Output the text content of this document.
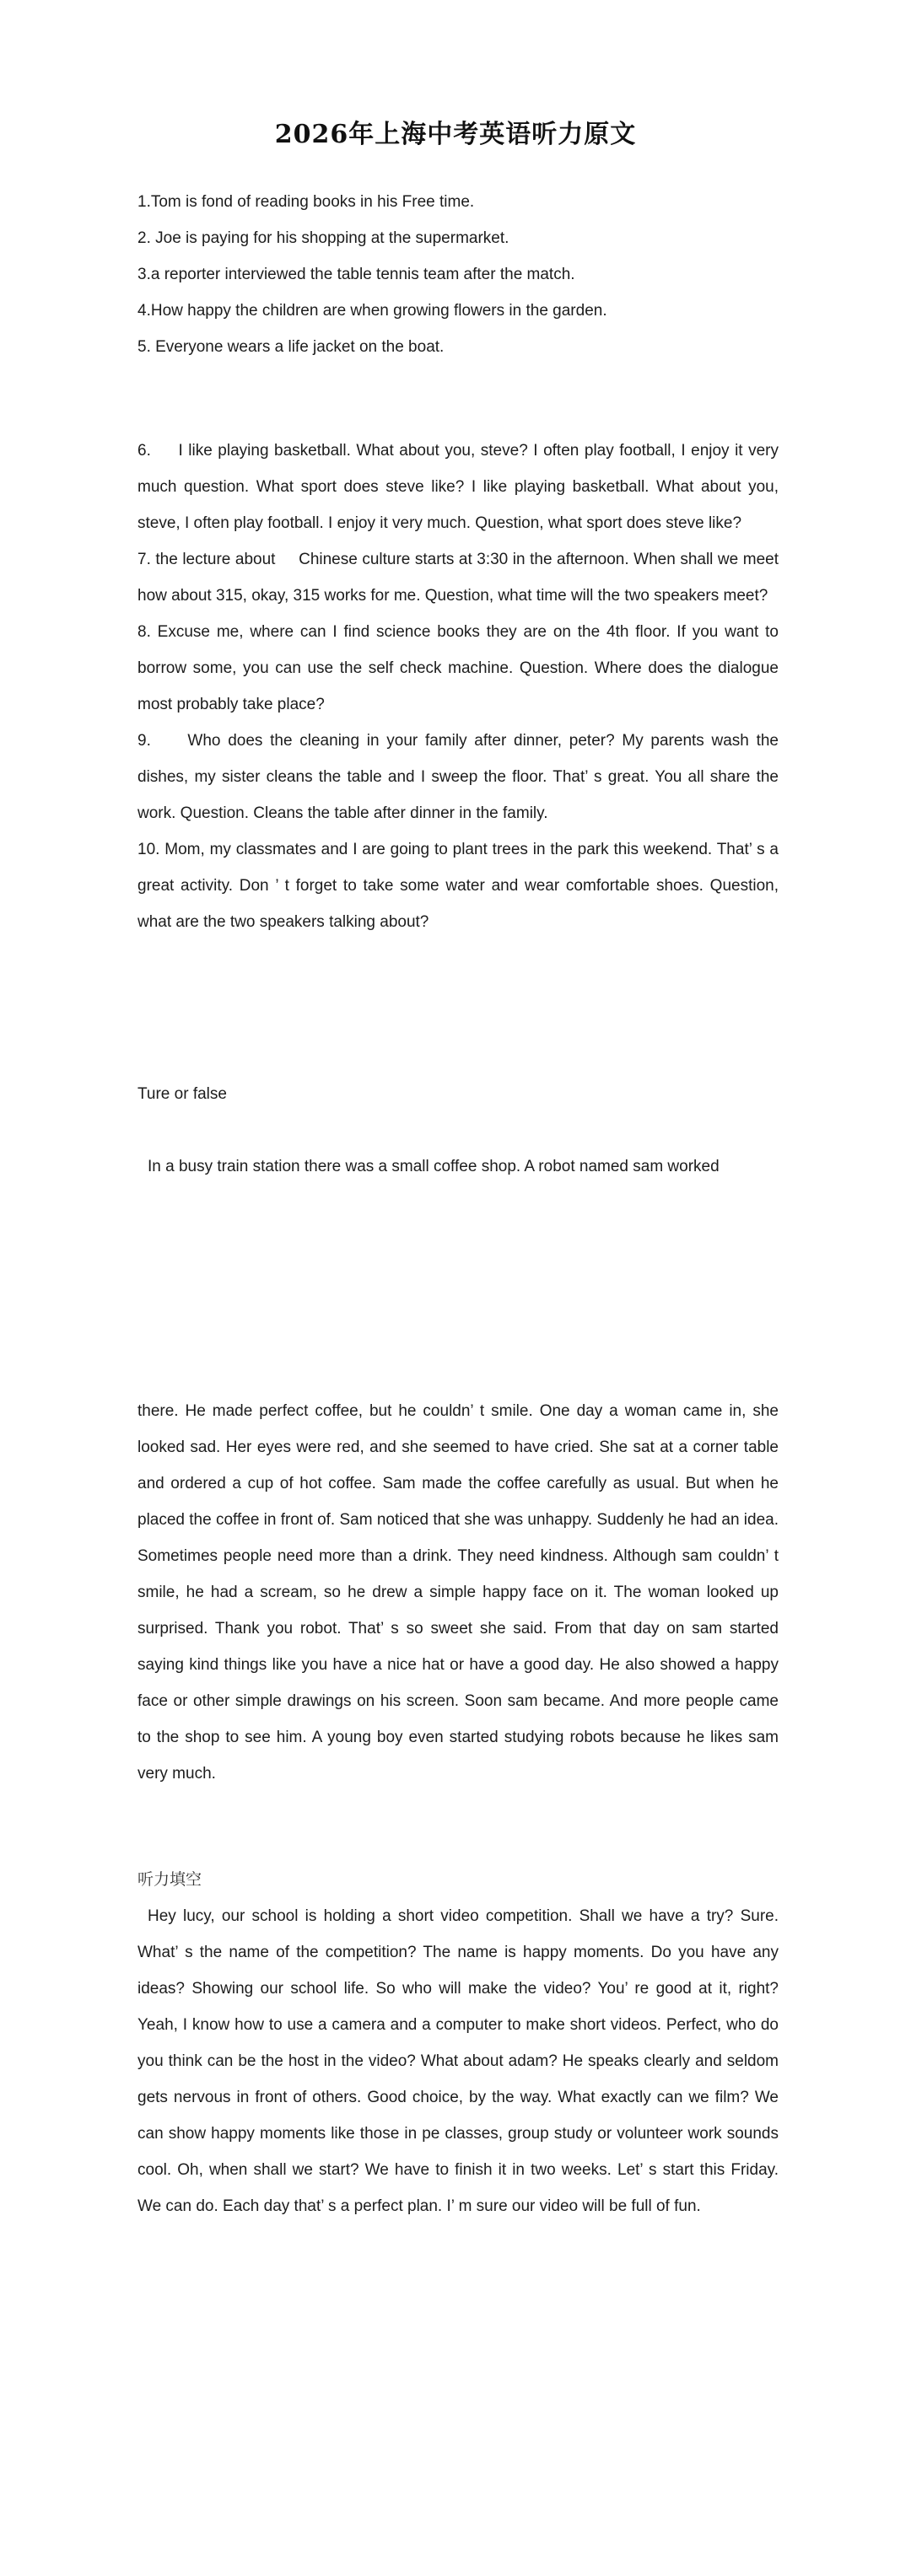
2026年上海中考英语听力原文

1.Tom is fond of reading books in his Free time.

2. Joe is paying for his shopping at the supermarket.

3.a reporter interviewed the table tennis team after the match.

4.How happy the children are when growing flowers in the garden.

5. Everyone wears a life jacket on the boat.

6.     I like playing basketball. What about you, steve? I often play football, I enjoy it very much question. What sport does steve like? I like playing basketball. What about you, steve, I often play football. I enjoy it very much. Question, what sport does steve like?

7. the lecture about     Chinese culture starts at 3:30 in the afternoon. When shall we meet how about 315, okay, 315 works for me. Question, what time will the two speakers meet?

8. Excuse me, where can I find science books they are on the 4th floor. If you want to borrow some, you can use the self check machine. Question. Where does the dialogue most probably take place?

9.     Who does the cleaning in your family after dinner, peter? My parents wash the dishes, my sister cleans the table and I sweep the floor. That’ s great. You all share the work. Question. Cleans the table after dinner in the family.

10. Mom, my classmates and I are going to plant trees in the park this weekend. That’ s a great activity. Don ’ t forget to take some water and wear comfortable shoes. Question, what are the two speakers talking about?

Ture or false

In a busy train station there was a small coffee shop. A robot named sam worked

there. He made perfect coffee, but he couldn’ t smile. One day a woman came in, she looked sad. Her eyes were red, and she seemed to have cried. She sat at a corner table and ordered a cup of hot coffee. Sam made the coffee carefully as usual. But when he placed the coffee in front of. Sam noticed that she was unhappy. Suddenly he had an idea. Sometimes people need more than a drink. They need kindness. Although sam couldn’ t smile, he had a scream, so he drew a simple happy face on it. The woman looked up surprised. Thank you robot. That’ s so sweet she said. From that day on sam started saying kind things like you have a nice hat or have a good day. He also showed a happy face or other simple drawings on his screen. Soon sam became. And more people came to the shop to see him. A young boy even started studying robots because he likes sam very much.

听力填空

Hey lucy, our school is holding a short video competition. Shall we have a try? Sure. What’ s the name of the competition? The name is happy moments. Do you have any ideas? Showing our school life. So who will make the video? You’ re good at it, right? Yeah, I know how to use a camera and a computer to make short videos. Perfect, who do you think can be the host in the video? What about adam? He speaks clearly and seldom gets nervous in front of others. Good choice, by the way. What exactly can we film? We can show happy moments like those in pe classes, group study or volunteer work sounds cool. Oh, when shall we start? We have to finish it in two weeks. Let’ s start this Friday. We can do. Each day that’ s a perfect plan. I’ m sure our video will be full of fun.
